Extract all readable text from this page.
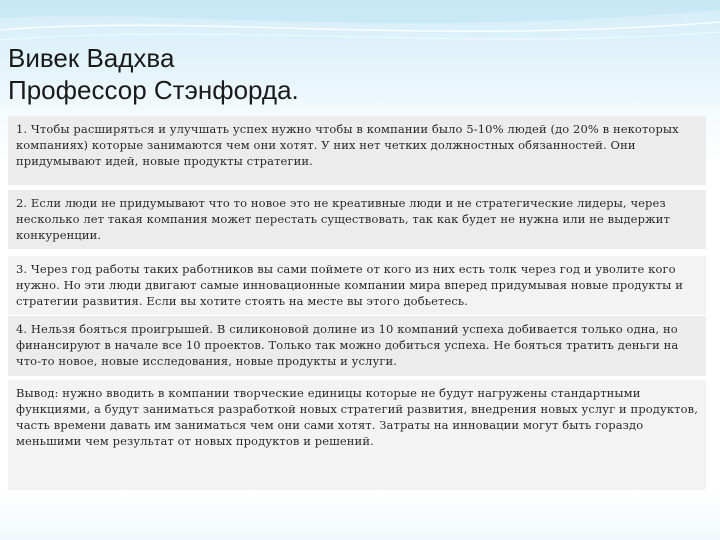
Вивек Вадхва
Профессор Стэнфорда.
1. Чтобы расширяться и улучшать успех нужно чтобы в компании было 5-10% людей (до 20% в некоторых компаниях) которые занимаются чем они хотят. У них нет четких должностных обязанностей. Они придумывают идей, новые продукты стратегии.
2. Если люди не придумывают что то новое это не креативные люди и не стратегические лидеры, через несколько лет такая компания может перестать существовать, так как будет не нужна или не выдержит конкуренции.
3. Через год работы таких работников вы сами поймете от кого из них есть толк через год и уволите кого нужно. Но эти люди двигают самые инновационные компании мира вперед придумывая новые продукты и стратегии развития. Если вы хотите стоять на месте вы этого добьетесь.
4. Нельзя бояться проигрышей. В силиконовой долине из 10 компаний успеха добивается только одна, но финансируют в начале все 10 проектов. Только так можно добиться успеха. Не бояться тратить деньги на что-то новое, новые исследования, новые продукты и услуги.
Вывод: нужно вводить в компании творческие единицы которые не будут нагружены стандартными функциями, а будут заниматься разработкой новых стратегий развития, внедрения новых услуг и продуктов, часть времени давать им заниматься чем они сами хотят. Затраты на инновации могут быть гораздо меньшими чем результат от новых продуктов и решений.
